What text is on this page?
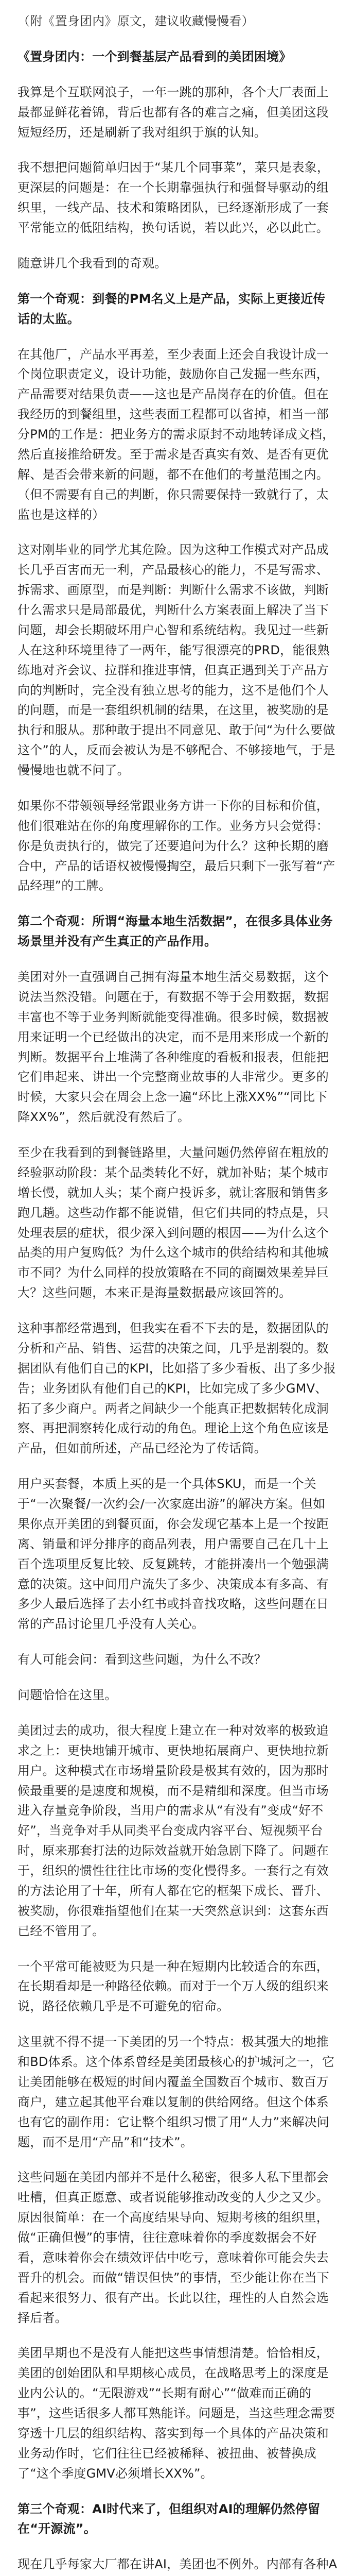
（附《置身团内》原文，建议收藏慢慢看）

《置身团内：一个到餐基层产品看到的美团困境》

我算是个互联网浪子，一年一跳的那种，各个大厂表面上最都显鲜花着锦，背后也都有各的难言之痛，但美团这段短短经历，还是刷新了我对组织于旗的认知。

我不想把问题简单归因于“某几个同事菜”，菜只是表象，更深层的问题是：在一个长期靠强执行和强督导驱动的组织里，一线产品、技术和策略团队，已经逐渐形成了一套平常能立的低阻结构，换句话说，若以此兴，必以此亡。

随意讲几个我看到的奇观。

第一个奇观：到餐的PM名义上是产品，实际上更接近传话的太监。

在其他厂，产品水平再差，至少表面上还会自我设计成一个岗位职责定义，设计功能，鼓励你自己发掘一些东西，产品需要对结果负责——这也是产品岗存在的价值。但在我经历的到餐组里，这些表面工程都可以省掉，相当一部分PM的工作是：把业务方的需求原封不动地转译成文档，然后直接推给研发。至于需求是否真实有效、是否有更优解、是否会带来新的问题，都不在他们的考量范围之内。（但不需要有自己的判断，你只需要保持一致就行了，太监也是这样的）

这对刚毕业的同学尤其危险。因为这种工作模式对产品成长几乎百害而无一利，产品最核心的能力，不是写需求、拆需求、画原型，而是判断：判断什么需求不该做，判断什么需求只是局部最优，判断什么方案表面上解决了当下问题，却会长期破坏用户心智和系统结构。我见过一些新人在这种环境里待了一两年，能写很漂亮的PRD，能很熟练地对齐会议、拉群和推进事情，但真正遇到关于产品方向的判断时，完全没有独立思考的能力，这不是他们个人的问题，而是一套组织机制的结果，在这里，被奖励的是执行和服从。那种敢于提出不同意见、敢于问“为什么要做这个”的人，反而会被认为是不够配合、不够接地气，于是慢慢地也就不问了。

如果你不带领领导经常跟业务方讲一下你的目标和价值，他们很难站在你的角度理解你的工作。业务方只会觉得：你是负责执行的，做完了还要追问为什么？这种长期的磨合中，产品的话语权被慢慢掏空，最后只剩下一张写着“产品经理”的工牌。

第二个奇观：所谓“海量本地生活数据”，在很多具体业务场景里并没有产生真正的产品作用。

美团对外一直强调自己拥有海量本地生活交易数据，这个说法当然没错。问题在于，有数据不等于会用数据，数据丰富也不等于业务判断就能变得准确。很多时候，数据被用来证明一个已经做出的决定，而不是用来形成一个新的判断。数据平台上堆满了各种维度的看板和报表，但能把它们串起来、讲出一个完整商业故事的人非常少。更多的时候，大家只会在周会上念一遍“环比上涨XX%”“同比下降XX%”，然后就没有然后了。

至少在我看到的到餐链路里，大量问题仍然停留在粗放的经验驱动阶段：某个品类转化不好，就加补贴；某个城市增长慢，就加人头；某个商户投诉多，就让客服和销售多跑几趟。这些动作都不能说错，但它们共同的特点是，只处理表层的症状，很少深入到问题的根因——为什么这个品类的用户复购低？为什么这个城市的供给结构和其他城市不同？为什么同样的投放策略在不同的商圈效果差异巨大？这些问题，本来正是海量数据最应该回答的。

这种事都经常遇到，但我实在看不下去的是，数据团队的分析和产品、销售、运营的决策之间，几乎是割裂的。数据团队有他们自己的KPI，比如搭了多少看板、出了多少报告；业务团队有他们自己的KPI，比如完成了多少GMV、拓了多少商户。两者之间缺少一个能真正把数据转化成洞察、再把洞察转化成行动的角色。理论上这个角色应该是产品，但如前所述，产品已经沦为了传话筒。

用户买套餐，本质上买的是一个具体SKU，而是一个关于“一次聚餐/一次约会/一次家庭出游”的解决方案。但如果你点开美团的到餐页面，你会发现它基本上是一个按距离、销量和评分排序的商品列表，用户需要自己在几十上百个选项里反复比较、反复跳转，才能拼凑出一个勉强满意的决策。这中间用户流失了多少、决策成本有多高、有多少人最后选择了去小红书或抖音找攻略，这些问题在日常的产品讨论里几乎没有人关心。

有人可能会问：看到这些问题，为什么不改？

问题恰恰在这里。

美团过去的成功，很大程度上建立在一种对效率的极致追求之上：更快地铺开城市、更快地拓展商户、更快地拉新用户。这种模式在市场增量阶段是极其有效的，因为那时候最重要的是速度和规模，而不是精细和深度。但当市场进入存量竞争阶段，当用户的需求从“有没有”变成“好不好”，当竞争对手从同类平台变成内容平台、短视频平台时，原来那套打法的边际效益就开始急剧下降了。问题在于，组织的惯性往往比市场的变化慢得多。一套行之有效的方法论用了十年，所有人都在它的框架下成长、晋升、被奖励，你很难指望他们在某一天突然意识到：这套东西已经不管用了。

一个平常可能被贬为只是一种在短期内比较适合的东西，在长期看却是一种路径依赖。而对于一个万人级的组织来说，路径依赖几乎是不可避免的宿命。

这里就不得不提一下美团的另一个特点：极其强大的地推和BD体系。这个体系曾经是美团最核心的护城河之一，它让美团能够在极短的时间内覆盖全国数百个城市、数百万商户，建立起其他平台难以复制的供给网络。但这个体系也有它的副作用：它让整个组织习惯了用“人力”来解决问题，而不是用“产品”和“技术”。

这些问题在美团内部并不是什么秘密，很多人私下里都会吐槽，但真正愿意、或者说能够推动改变的人少之又少。原因很简单：在一个高度结果导向、短期考核的组织里，做“正确但慢”的事情，往往意味着你的季度数据会不好看，意味着你会在绩效评估中吃亏，意味着你可能会失去晋升的机会。而做“错误但快”的事情，至少能让你在当下看起来很努力、很有产出。长此以往，理性的人自然会选择后者。

美团早期也不是没有人能把这些事情想清楚。恰恰相反，美团的创始团队和早期核心成员，在战略思考上的深度是业内公认的。“无限游戏”“长期有耐心”“做难而正确的事”，这些话很多人都耳熟能详。问题是，当这些理念需要穿透十几层的组织结构、落实到每一个具体的产品决策和业务动作时，它们往往已经被稀释、被扭曲、被替换成了“这个季度GMV必须增长XX%”。

第三个奇观：AI时代来了，但组织对AI的理解仍然停留在“开源流”。

现在几乎每家大厂都在讲AI，美团也不例外。内部有各种A
